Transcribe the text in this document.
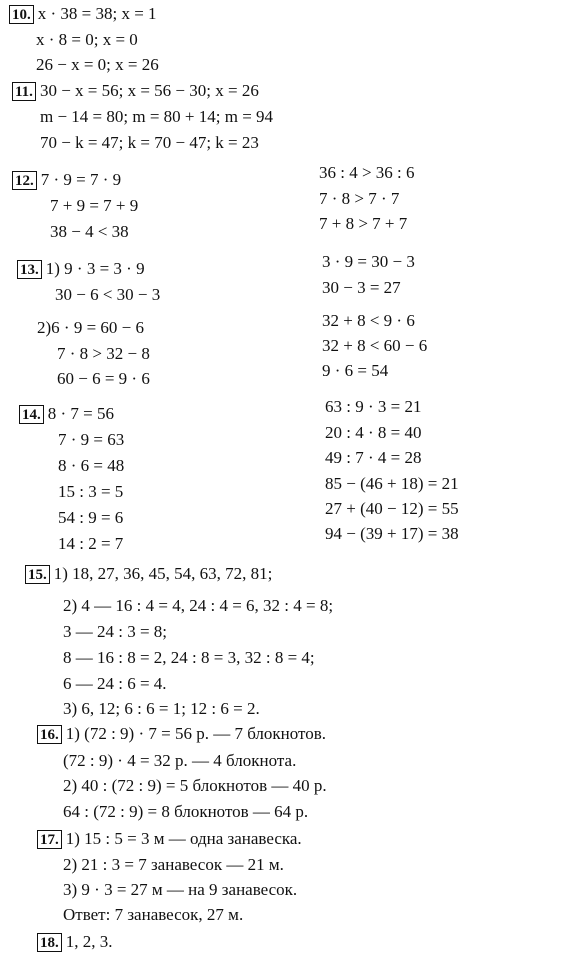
10. x · 38 = 38; x = 1
x · 8 = 0; x = 0
26 − x = 0; x = 26
11. 30 − x = 56; x = 56 − 30; x = 26
m − 14 = 80; m = 80 + 14; m = 94
70 − k = 47; k = 70 − 47; k = 23
12. 7 · 9 = 7 · 9
7 + 9 = 7 + 9
38 − 4 < 38
36 : 4 > 36 : 6
7 · 8 > 7 · 7
7 + 8 > 7 + 7
13. 1) 9 · 3 = 3 · 9
30 − 6 < 30 − 3
2)6 · 9 = 60 − 6
7 · 8 > 32 − 8
60 − 6 = 9 · 6
3 · 9 = 30 − 3
30 − 3 = 27
32 + 8 < 9 · 6
32 + 8 < 60 − 6
9 · 6 = 54
14. 8 · 7 = 56
7 · 9 = 63
8 · 6 = 48
15 : 3 = 5
54 : 9 = 6
14 : 2 = 7
63 : 9 · 3 = 21
20 : 4 · 8 = 40
49 : 7 · 4 = 28
85 − (46 + 18) = 21
27 + (40 − 12) = 55
94 − (39 + 17) = 38
15. 1) 18, 27, 36, 45, 54, 63, 72, 81;
2) 4 — 16 : 4 = 4, 24 : 4 = 6, 32 : 4 = 8;
3 — 24 : 3 = 8;
8 — 16 : 8 = 2, 24 : 8 = 3, 32 : 8 = 4;
6 — 24 : 6 = 4.
3) 6, 12; 6 : 6 = 1; 12 : 6 = 2.
16. 1) (72 : 9) · 7 = 56 р. — 7 блокнотов.
(72 : 9) · 4 = 32 р. — 4 блокнота.
2) 40 : (72 : 9) = 5 блокнотов — 40 р.
64 : (72 : 9) = 8 блокнотов — 64 р.
17. 1) 15 : 5 = 3 м — одна занавеска.
2) 21 : 3 = 7 занавесок — 21 м.
3) 9 · 3 = 27 м — на 9 занавесок.
Ответ: 7 занавесок, 27 м.
18. 1, 2, 3.
